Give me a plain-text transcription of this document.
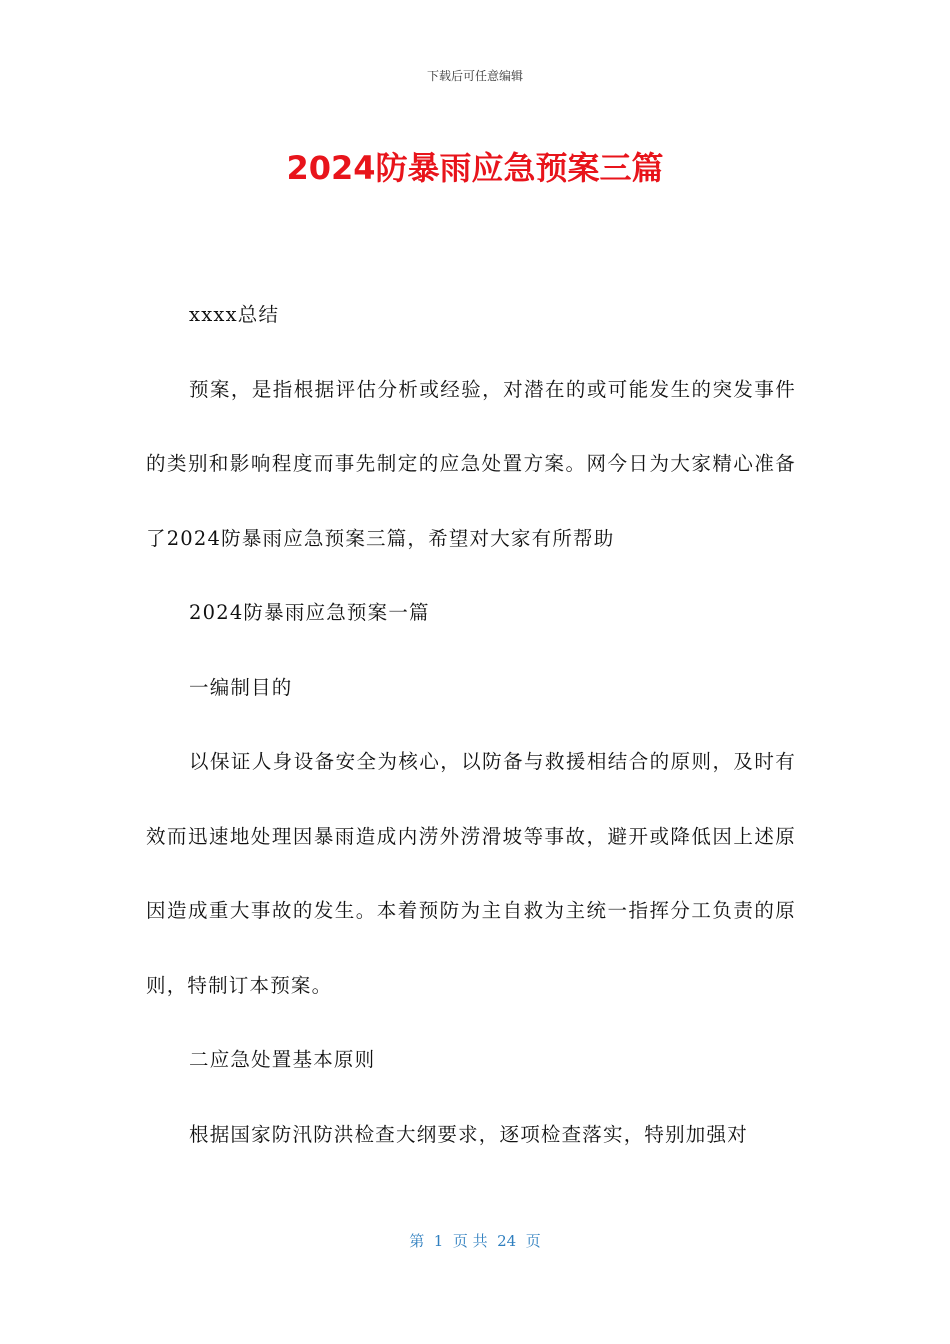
下载后可任意编辑
2024防暴雨应急预案三篇

xxxx总结

预案，是指根据评估分析或经验，对潜在的或可能发生的突发事件的类别和影响程度而事先制定的应急处置方案。网今日为大家精心准备了2024防暴雨应急预案三篇，希望对大家有所帮助

2024防暴雨应急预案一篇

一编制目的

以保证人身设备安全为核心，以防备与救援相结合的原则，及时有效而迅速地处理因暴雨造成内涝外涝滑坡等事故，避开或降低因上述原因造成重大事故的发生。本着预防为主自救为主统一指挥分工负责的原则，特制订本预案。

二应急处置基本原则

根据国家防汛防洪检查大纲要求，逐项检查落实，特别加强对

第  1  页 共  24  页
